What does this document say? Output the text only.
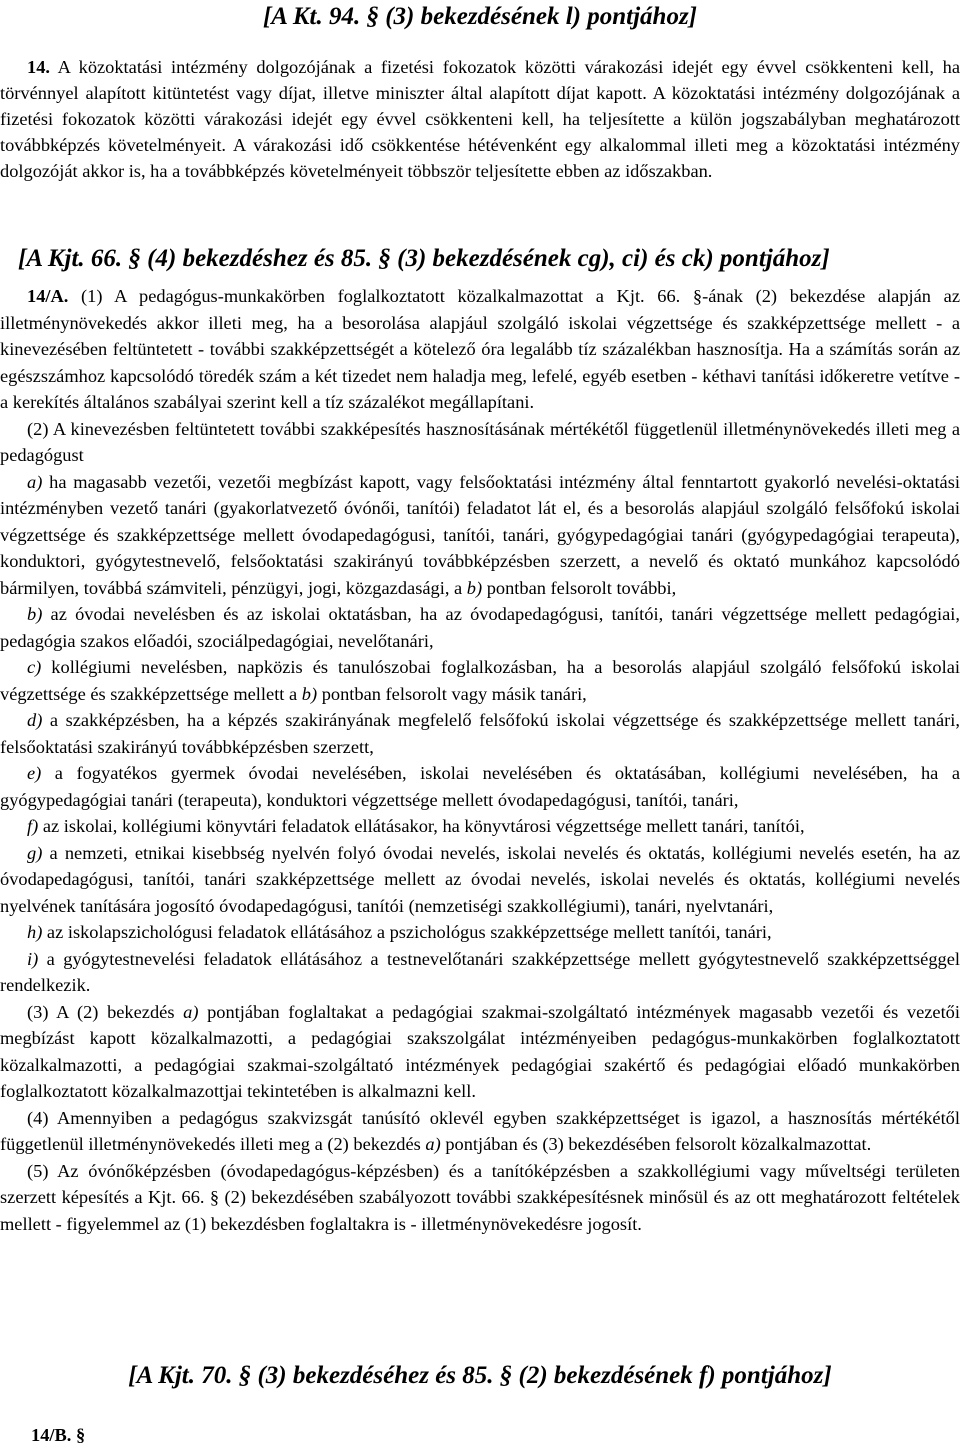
[A Kt. 94. § (3) bekezdésének l) pontjához]

14. A közoktatási intézmény dolgozójának a fizetési fokozatok közötti várakozási idejét egy évvel csökkenteni kell, ha törvénnyel alapított kitüntetést vagy díjat, illetve miniszter által alapított díjat kapott. A közoktatási intézmény dolgozójának a fizetési fokozatok közötti várakozási idejét egy évvel csökkenteni kell, ha teljesítette a külön jogszabályban meghatározott továbbképzés követelményeit. A várakozási idő csökkentése hétévenként egy alkalommal illeti meg a közoktatási intézmény dolgozóját akkor is, ha a továbbképzés követelményeit többször teljesítette ebben az időszakban.

[A Kjt. 66. § (4) bekezdéshez és 85. § (3) bekezdésének cg), ci) és ck) pontjához]

14/A. (1) A pedagógus-munkakörben foglalkoztatott közalkalmazottat a Kjt. 66. §-ának (2) bekezdése alapján az illetménynövekedés akkor illeti meg, ha a besorolása alapjául szolgáló iskolai végzettsége és szakképzettsége mellett - a kinevezésében feltüntetett - további szakképzettségét a kötelező óra legalább tíz százalékban hasznosítja. Ha a számítás során az egészszámhoz kapcsolódó töredék szám a két tizedet nem haladja meg, lefelé, egyéb esetben - kéthavi tanítási időkeretre vetítve - a kerekítés általános szabályai szerint kell a tíz százalékot megállapítani.

(2) A kinevezésben feltüntetett további szakképesítés hasznosításának mértékétől függetlenül illetménynövekedés illeti meg a pedagógust

a) ha magasabb vezetői, vezetői megbízást kapott, vagy felsőoktatási intézmény által fenntartott gyakorló nevelési-oktatási intézményben vezető tanári (gyakorlatvezető óvónői, tanítói) feladatot lát el, és a besorolás alapjául szolgáló felsőfokú iskolai végzettsége és szakképzettsége mellett óvodapedagógusi, tanítói, tanári, gyógypedagógiai tanári (gyógypedagógiai terapeuta), konduktori, gyógytestnevelő, felsőoktatási szakirányú továbbképzésben szerzett, a nevelő és oktató munkához kapcsolódó bármilyen, továbbá számviteli, pénzügyi, jogi, közgazdasági, a b) pontban felsorolt további,

b) az óvodai nevelésben és az iskolai oktatásban, ha az óvodapedagógusi, tanítói, tanári végzettsége mellett pedagógiai, pedagógia szakos előadói, szociálpedagógiai, nevelőtanári,

c) kollégiumi nevelésben, napközis és tanulószobai foglalkozásban, ha a besorolás alapjául szolgáló felsőfokú iskolai végzettsége és szakképzettsége mellett a b) pontban felsorolt vagy másik tanári,

d) a szakképzésben, ha a képzés szakirányának megfelelő felsőfokú iskolai végzettsége és szakképzettsége mellett tanári, felsőoktatási szakirányú továbbképzésben szerzett,

e) a fogyatékos gyermek óvodai nevelésében, iskolai nevelésében és oktatásában, kollégiumi nevelésében, ha a gyógypedagógiai tanári (terapeuta), konduktori végzettsége mellett óvodapedagógusi, tanítói, tanári,

f) az iskolai, kollégiumi könyvtári feladatok ellátásakor, ha könyvtárosi végzettsége mellett tanári, tanítói,

g) a nemzeti, etnikai kisebbség nyelvén folyó óvodai nevelés, iskolai nevelés és oktatás, kollégiumi nevelés esetén, ha az óvodapedagógusi, tanítói, tanári szakképzettsége mellett az óvodai nevelés, iskolai nevelés és oktatás, kollégiumi nevelés nyelvének tanítására jogosító óvodapedagógusi, tanítói (nemzetiségi szakkollégiumi), tanári, nyelvtanári,

h) az iskolapszichológusi feladatok ellátásához a pszichológus szakképzettsége mellett tanítói, tanári,

i) a gyógytestnevelési feladatok ellátásához a testnevelőtanári szakképzettsége mellett gyógytestnevelő szakképzettséggel rendelkezik.

(3) A (2) bekezdés a) pontjában foglaltakat a pedagógiai szakmai-szolgáltató intézmények magasabb vezetői és vezetői megbízást kapott közalkalmazotti, a pedagógiai szakszolgálat intézményeiben pedagógus-munkakörben foglalkoztatott közalkalmazotti, a pedagógiai szakmai-szolgáltató intézmények pedagógiai szakértő és pedagógiai előadó munkakörben foglalkoztatott közalkalmazottjai tekintetében is alkalmazni kell.

(4) Amennyiben a pedagógus szakvizsgát tanúsító oklevél egyben szakképzettséget is igazol, a hasznosítás mértékétől függetlenül illetménynövekedés illeti meg a (2) bekezdés a) pontjában és (3) bekezdésében felsorolt közalkalmazottat.

(5) Az óvónőképzésben (óvodapedagógus-képzésben) és a tanítóképzésben a szakkollégiumi vagy műveltségi területen szerzett képesítés a Kjt. 66. § (2) bekezdésében szabályozott további szakképesítésnek minősül és az ott meghatározott feltételek mellett - figyelemmel az (1) bekezdésben foglaltakra is - illetménynövekedésre jogosít.

[A Kjt. 70. § (3) bekezdéséhez és 85. § (2) bekezdésének f) pontjához]
14/B. §
